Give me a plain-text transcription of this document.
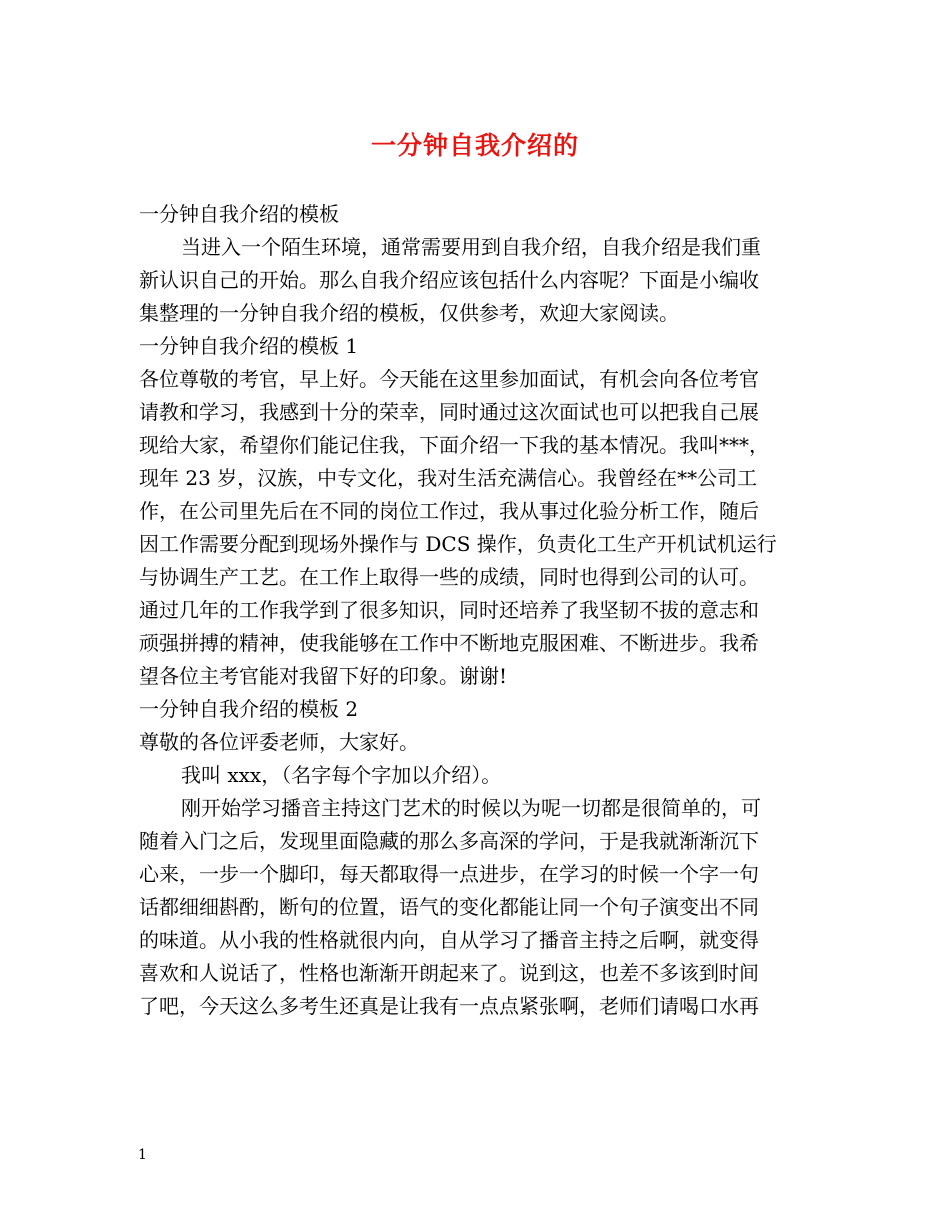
一分钟自我介绍的
一分钟自我介绍的模板
当进入一个陌生环境，通常需要用到自我介绍，自我介绍是我们重
新认识自己的开始。那么自我介绍应该包括什么内容呢？下面是小编收
集整理的一分钟自我介绍的模板，仅供参考，欢迎大家阅读。
一分钟自我介绍的模板 1
各位尊敬的考官，早上好。今天能在这里参加面试，有机会向各位考官
请教和学习，我感到十分的荣幸，同时通过这次面试也可以把我自己展
现给大家，希望你们能记住我，下面介绍一下我的基本情况。我叫***，
现年 23 岁，汉族，中专文化，我对生活充满信心。我曾经在**公司工
作，在公司里先后在不同的岗位工作过，我从事过化验分析工作，随后
因工作需要分配到现场外操作与 DCS 操作，负责化工生产开机试机运行
与协调生产工艺。在工作上取得一些的成绩，同时也得到公司的认可。
通过几年的工作我学到了很多知识，同时还培养了我坚韧不拔的意志和
顽强拼搏的精神，使我能够在工作中不断地克服困难、不断进步。我希
望各位主考官能对我留下好的印象。谢谢!
一分钟自我介绍的模板 2
尊敬的各位评委老师，大家好。
我叫 xxx，（名字每个字加以介绍）。
刚开始学习播音主持这门艺术的时候以为呢一切都是很简单的，可
随着入门之后，发现里面隐藏的那么多高深的学问，于是我就渐渐沉下
心来，一步一个脚印，每天都取得一点进步，在学习的时候一个字一句
话都细细斟酌，断句的位置，语气的变化都能让同一个句子演变出不同
的味道。从小我的性格就很内向，自从学习了播音主持之后啊，就变得
喜欢和人说话了，性格也渐渐开朗起来了。说到这，也差不多该到时间
了吧，今天这么多考生还真是让我有一点点紧张啊，老师们请喝口水再
1
